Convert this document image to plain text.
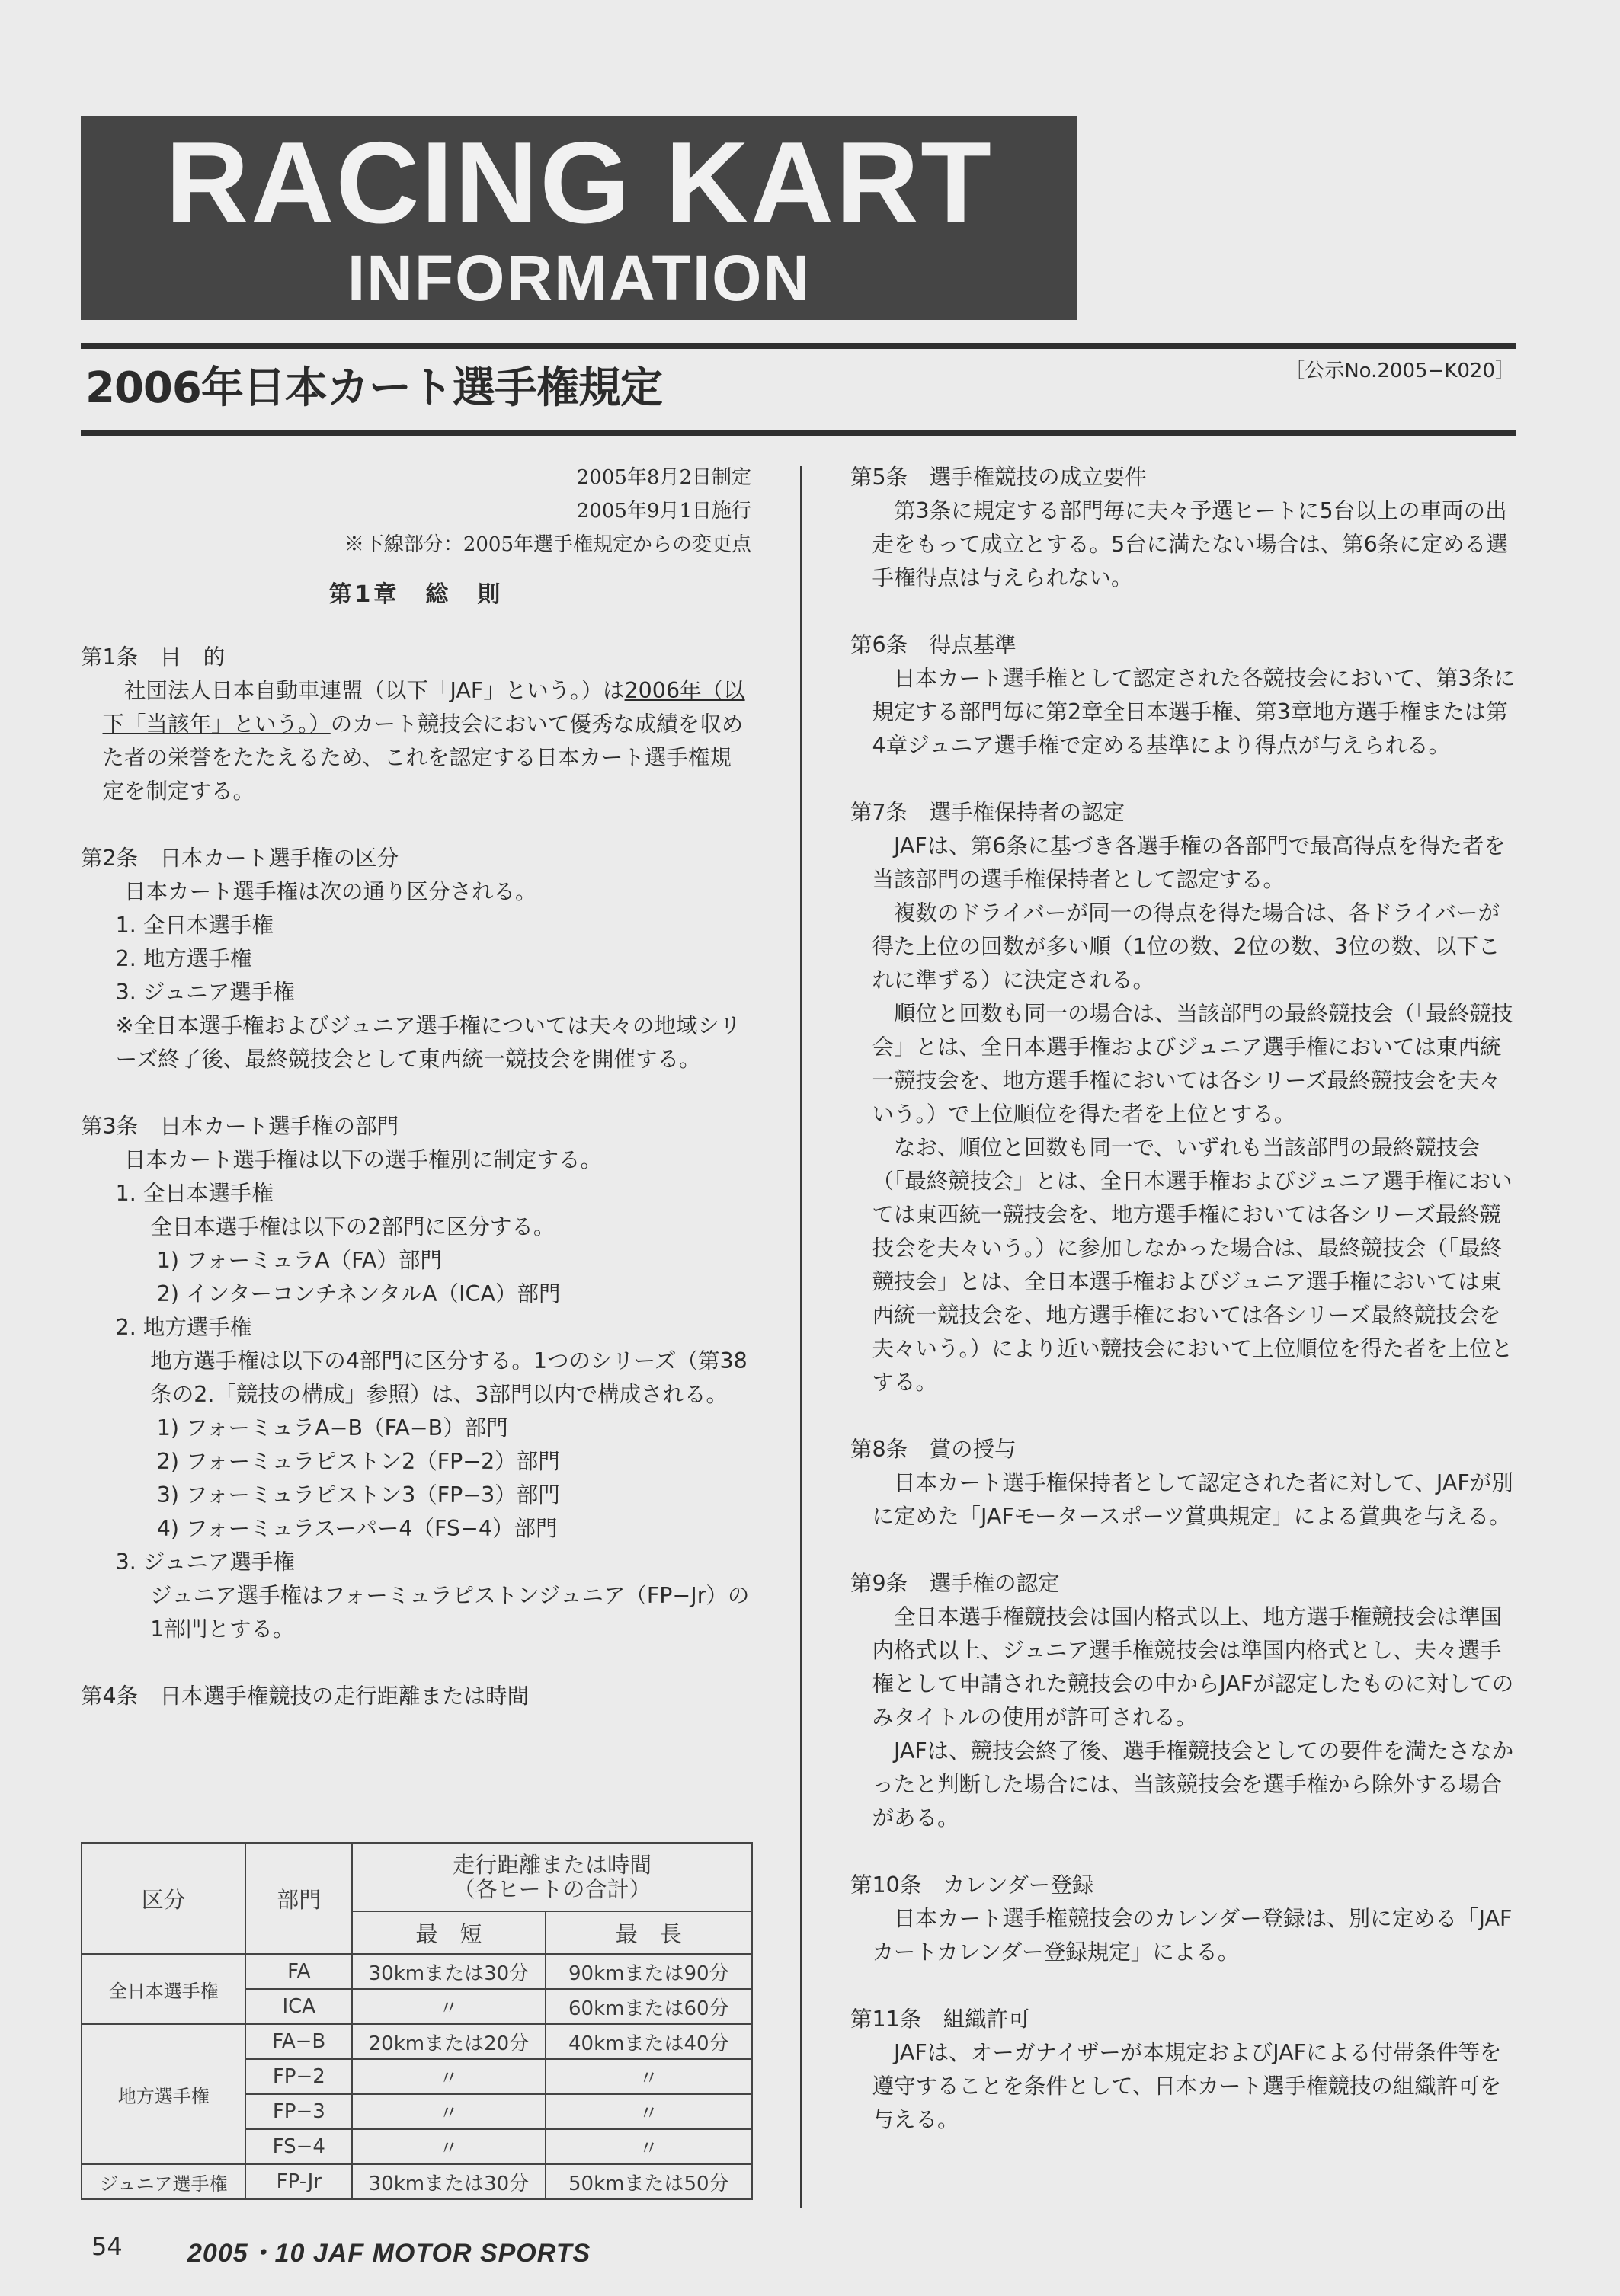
RACING KART
INFORMATION
2006年日本カート選手権規定	［公示No.2005−K020］
2005年8月2日制定
2005年9月1日施行
※下線部分：2005年選手権規定からの変更点
第1章　総　則
第1条　目　的
社団法人日本自動車連盟（以下「JAF」という。）は2006年（以下「当該年」という。）のカート競技会において優秀な成績を収めた者の栄誉をたたえるため、これを認定する日本カート選手権規定を制定する。
第2条　日本カート選手権の区分
日本カート選手権は次の通り区分される。
1. 全日本選手権
2. 地方選手権
3. ジュニア選手権
※全日本選手権およびジュニア選手権については夫々の地域シリーズ終了後、最終競技会として東西統一競技会を開催する。
第3条　日本カート選手権の部門
日本カート選手権は以下の選手権別に制定する。
1. 全日本選手権
全日本選手権は以下の2部門に区分する。
1) フォーミュラA（FA）部門
2) インターコンチネンタルA（ICA）部門
2. 地方選手権
地方選手権は以下の4部門に区分する。1つのシリーズ（第38条の2.「競技の構成」参照）は、3部門以内で構成される。
1) フォーミュラA−B（FA−B）部門
2) フォーミュラピストン2（FP−2）部門
3) フォーミュラピストン3（FP−3）部門
4) フォーミュラスーパー4（FS−4）部門
3. ジュニア選手権
ジュニア選手権はフォーミュラピストンジュニア（FP−Jr）の1部門とする。
第4条　日本選手権競技の走行距離または時間
区分	部門	走行距離または時間
（各ヒートの合計）	

		最　短	最　長
全日本選手権	FA	30kmまたは30分	90kmまたは90分
	ICA	〃	60kmまたは60分
地方選手権	FA−B	20kmまたは20分	40kmまたは40分
	FP−2	〃	〃
	FP−3	〃	〃
	FS−4	〃	〃
ジュニア選手権	FP-Jr	30kmまたは30分	50kmまたは50分
第5条　選手権競技の成立要件
第3条に規定する部門毎に夫々予選ヒートに5台以上の車両の出走をもって成立とする。5台に満たない場合は、第6条に定める選手権得点は与えられない。
第6条　得点基準
日本カート選手権として認定された各競技会において、第3条に規定する部門毎に第2章全日本選手権、第3章地方選手権または第4章ジュニア選手権で定める基準により得点が与えられる。
第7条　選手権保持者の認定
JAFは、第6条に基づき各選手権の各部門で最高得点を得た者を当該部門の選手権保持者として認定する。
複数のドライバーが同一の得点を得た場合は、各ドライバーが得た上位の回数が多い順（1位の数、2位の数、3位の数、以下これに準ずる）に決定される。
順位と回数も同一の場合は、当該部門の最終競技会（「最終競技会」とは、全日本選手権およびジュニア選手権においては東西統一競技会を、地方選手権においては各シリーズ最終競技会を夫々いう。）で上位順位を得た者を上位とする。
なお、順位と回数も同一で、いずれも当該部門の最終競技会（「最終競技会」とは、全日本選手権およびジュニア選手権においては東西統一競技会を、地方選手権においては各シリーズ最終競技会を夫々いう。）に参加しなかった場合は、最終競技会（「最終競技会」とは、全日本選手権およびジュニア選手権においては東西統一競技会を、地方選手権においては各シリーズ最終競技会を夫々いう。）により近い競技会において上位順位を得た者を上位とする。
第8条　賞の授与
日本カート選手権保持者として認定された者に対して、JAFが別に定めた「JAFモータースポーツ賞典規定」による賞典を与える。
第9条　選手権の認定
全日本選手権競技会は国内格式以上、地方選手権競技会は準国内格式以上、ジュニア選手権競技会は準国内格式とし、夫々選手権として申請された競技会の中からJAFが認定したものに対してのみタイトルの使用が許可される。
JAFは、競技会終了後、選手権競技会としての要件を満たさなかったと判断した場合には、当該競技会を選手権から除外する場合がある。
第10条　カレンダー登録
日本カート選手権競技会のカレンダー登録は、別に定める「JAFカートカレンダー登録規定」による。
第11条　組織許可
JAFは、オーガナイザーが本規定およびJAFによる付帯条件等を遵守することを条件として、日本カート選手権競技の組織許可を与える。
54	2005・10 JAF MOTOR SPORTS
